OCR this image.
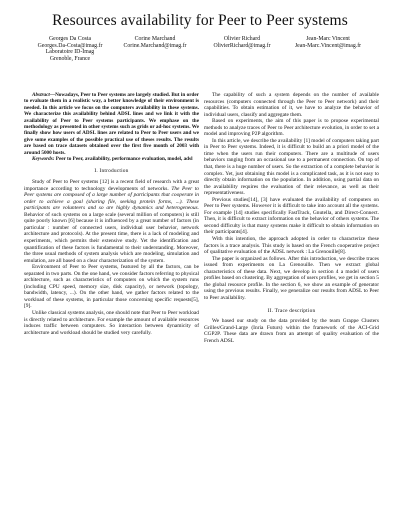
Resources availability for Peer to Peer systems
Georges Da Costa
Georges.Da-Costa@imag.fr
Laboratoire ID-Imag
Grenoble, France
Corine Marchand
Corine.Marchand@imag.fr
Olivier Richard
OlivierRichard@imag.fr
Jean-Marc Vincent
Jean-Marc.Vincent@imag.fr

Abstract—Nowadays, Peer to Peer systems are largely studied. But in order to evaluate them in a realistic way, a better knowledge of their environment is needed. In this article we focus on the computers availability in these systems. We characterize this availability behind ADSL lines and we link it with the availability of Peer to Peer systems participants. We emphase on the methodology as presented in other systems such as grids or ad-hoc systems. We finally show how users of ADSL lines are related to Peer to Peer users and we give some examples of the possible practical use of theses results. The results are based on trace datasets obtained over the first five month of 2003 with around 5000 hosts.

Keywords: Peer to Peer, availability, performance evaluation, model, adsl

I. Introduction

Study of Peer to Peer systems [12] is a recent field of research with a great importance according to technology developments of networks. The Peer to Peer systems are composed of a large number of participants that cooperate in order to achieve a goal (sharing file, seeking protein forms, ...). These participants are volunteers and so are highly dynamics and heterogeneous. Behavior of such systems on a large scale (several million of computers) is still quite poorly known [6] because it is influenced by a great number of factors (in particular : number of connected users, individual user behavior, network architecture and protocols). At the present time, there is a lack of modeling and experiments, which permits their extensive study. Yet the identification and quantification of these factors is fundamental to their understanding. Moreover, the three usual methods of system analysis which are modeling, simulation and emulation, are all based on a clear characterization of the system.

Environment of Peer to Peer systems, featured by all the factors, can be separated in two parts. On the one hand, we consider factors referring to physical architecture, such as characteristics of computers on which the system runs (including CPU speed, memory size, disk capacity), or network (topology, bandwidth, latency, ...). On the other hand, we gather factors related to the workload of these systems, in particular those concerning specific requests[5], [9].

Unlike classical systems analysis, one should note that Peer to Peer workload is directly related to architecture. For example the amount of available resources induces traffic between computers. So interaction between dynamicity of architecture and workload should be studied very carefully.

The capability of such a system depends on the number of available resources (computers connected through the Peer to Peer network) and their capabilities. To obtain estimation of it, we have to analyze the behavior of individual users, classify and aggregate them.

Based on experiments, the aim of this paper is to propose experimental methods to analyze traces of Peer to Peer architecture evolution, in order to set a model and improving P2P algorithm.

In this article, we describe the availability [1] model of computers taking part in Peer to Peer systems. Indeed, it is difficult to build an a priori model of the time when the users run their computers. There are a multitude of users behaviors ranging from an occasional use to a permanent connection. On top of that, there is a huge number of users. So the extraction of a complete behavior is complex. Yet, just obtaining this model is a complicated task, as it is not easy to directly obtain information on the population. In addition, using partial data on the availability requires the evaluation of their relevance, as well as their representativeness.

Previous studies[14], [3] have evaluated the availability of computers on Peer to Peer systems. However it is difficult to take into account all the systems. For example [14] studies specifically FastTrack, Gnutella, and Direct-Connect. Then, it is difficult to extract information on the behavior of others systems. The second difficulty is that many systems make it difficult to obtain information on their participants[4].

With this intention, the approach adopted in order to characterize these factors is a trace analysis. This study is based on the French cooperative project of qualitative evaluation of the ADSL network : La Grenouille[8].

The paper is organized as follows. After this introduction, we describe traces issued from experiments on La Grenouille. Then we extract global characteristics of these data. Next, we develop in section 4 a model of users profiles based on clustering. By aggregation of users profiles, we get in section 5 the global resource profile. In the section 6, we show an example of generator using the previous results. Finally, we generalize our results from ADSL to Peer to Peer availability.

II. Trace description

We based our study on the data provided by the team Grappe Clusters Grilles/Grand-Large (Inria Futurs) within the framework of the ACI-Grid CGP2P. These data are drawn from an attempt of quality evaluation of the French ADSL
